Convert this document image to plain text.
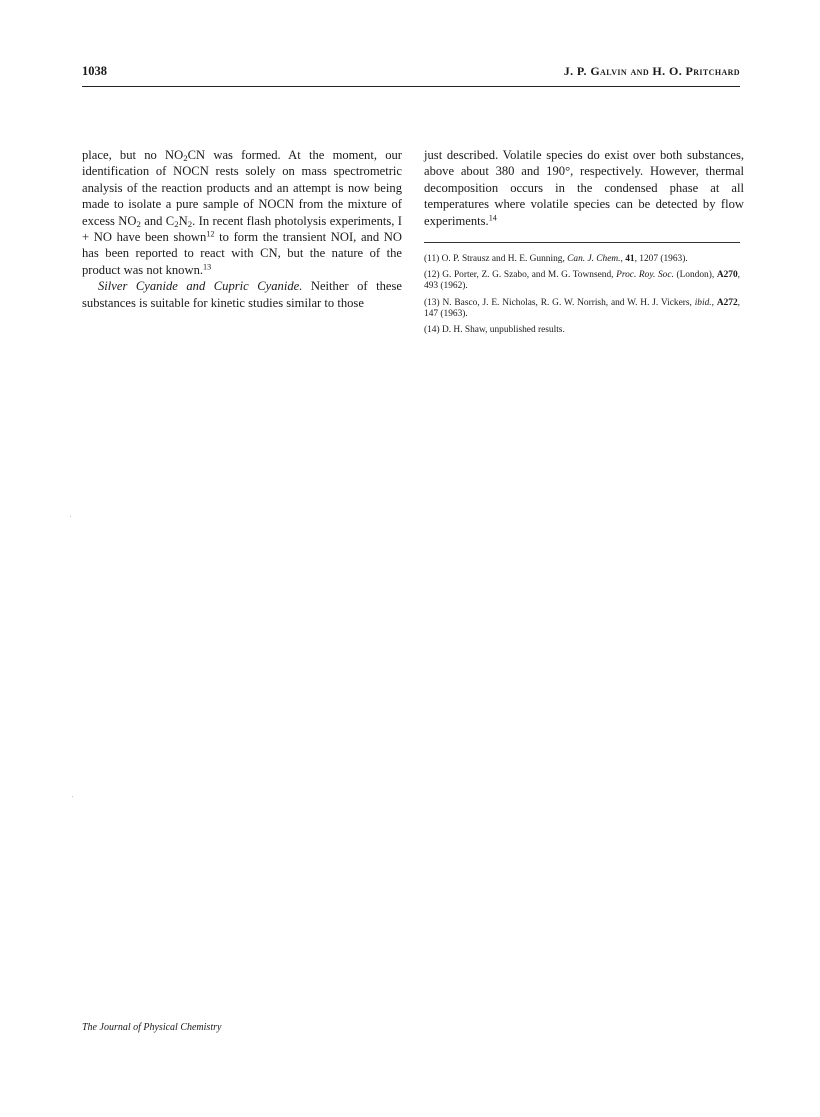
1038	J. P. Galvin and H. O. Pritchard

place, but no $NO_2CN$ was formed. At the moment, our identification of NOCN rests solely on mass spectrometric analysis of the reaction products and an attempt is now being made to isolate a pure sample of NOCN from the mixture of excess $NO_2$ and $C_2N_2$. In recent flash photolysis experiments, I + NO have been shown$^{12}$ to form the transient NOI, and NO has been reported to react with CN, but the nature of the product was not known.$^{13}$

Silver Cyanide and Cupric Cyanide. Neither of these substances is suitable for kinetic studies similar to those

just described. Volatile species do exist over both substances, above about 380 and 190°, respectively. However, thermal decomposition occurs in the condensed phase at all temperatures where volatile species can be detected by flow experiments.$^{14}$

(11) O. P. Strausz and H. E. Gunning, Can. J. Chem., 41, 1207 (1963).

(12) G. Porter, Z. G. Szabo, and M. G. Townsend, Proc. Roy. Soc. (London), A270, 493 (1962).

(13) N. Basco, J. E. Nicholas, R. G. W. Norrish, and W. H. J. Vickers, ibid., A272, 147 (1963).

(14) D. H. Shaw, unpublished results.

The Journal of Physical Chemistry
